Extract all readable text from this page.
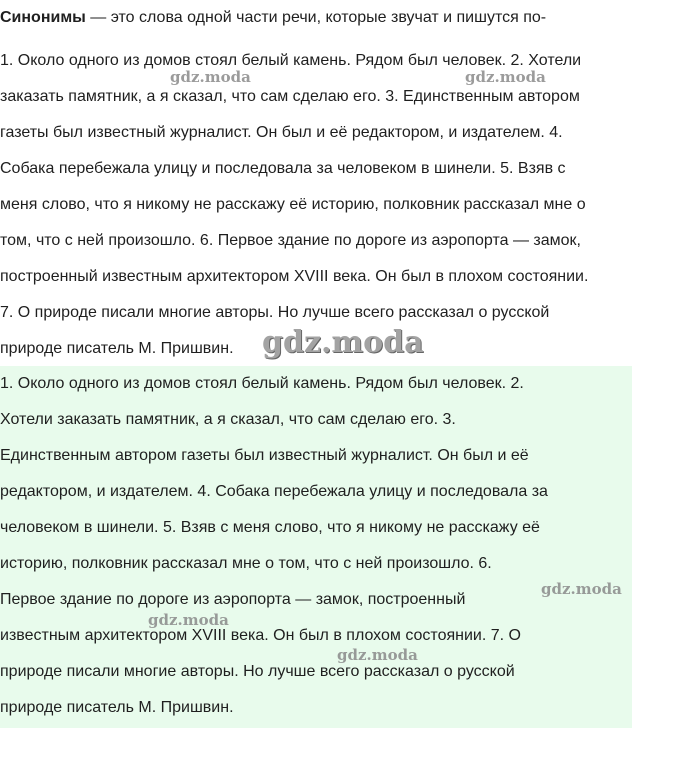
Синонимы — это слова одной части речи, которые звучат и пишутся по-
1. Около одного из домов стоял белый камень. Рядом был человек. 2. Хотели
заказать памятник, а я сказал, что сам сделаю его. 3. Единственным автором
газеты был известный журналист. Он был и её редактором, и издателем. 4.
Собака перебежала улицу и последовала за человеком в шинели. 5. Взяв с
меня слово, что я никому не расскажу её историю, полковник рассказал мне о
том, что с ней произошло. 6. Первое здание по дороге из аэропорта — замок,
построенный известным архитектором XVIII века. Он был в плохом состоянии.
7. О природе писали многие авторы. Но лучше всего рассказал о русской
природе писатель М. Пришвин.
1. Около одного из домов стоял белый камень. Рядом был человек. 2.
Хотели заказать памятник, а я сказал, что сам сделаю его. 3.
Единственным автором газеты был известный журналист. Он был и её
редактором, и издателем. 4. Собака перебежала улицу и последовала за
человеком в шинели. 5. Взяв с меня слово, что я никому не расскажу её
историю, полковник рассказал мне о том, что с ней произошло. 6.
Первое здание по дороге из аэропорта — замок, построенный
известным архитектором XVIII века. Он был в плохом состоянии. 7. О
природе писали многие авторы. Но лучше всего рассказал о русской
природе писатель М. Пришвин.
gdz.moda	gdz.moda
gdz.moda
gdz.moda
gdz.moda
gdz.moda
